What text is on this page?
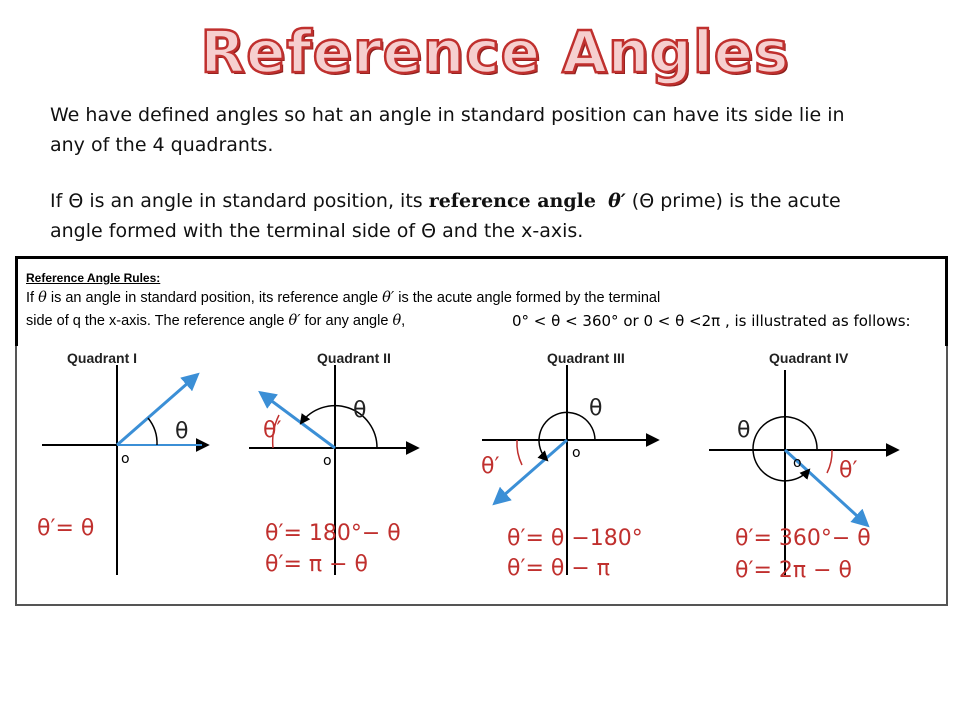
Reference Angles
We have defined angles so hat an angle in standard position can have its side lie in any of the 4 quadrants.
If Θ is an angle in standard position, its reference angle θ′ (Θ prime) is the acute angle formed with the terminal side of Θ and the x-axis.
Reference Angle Rules:
If θ is an angle in standard position, its reference angle θ′ is the acute angle formed by the terminal
side of q the x-axis. The reference angle θ′ for any angle θ,	0° < θ < 360° or 0 < θ <2π , is illustrated as follows:
Quadrant I
θ
o
θ′= θ
Quadrant II
θ
θ′
o
θ′= 180°− θ
θ′= π − θ
Quadrant III
θ
θ′
o
θ′= θ −180°
θ′= θ − π
Quadrant IV
θ
θ′
o
θ′= 360°− θ
θ′= 2π − θ
